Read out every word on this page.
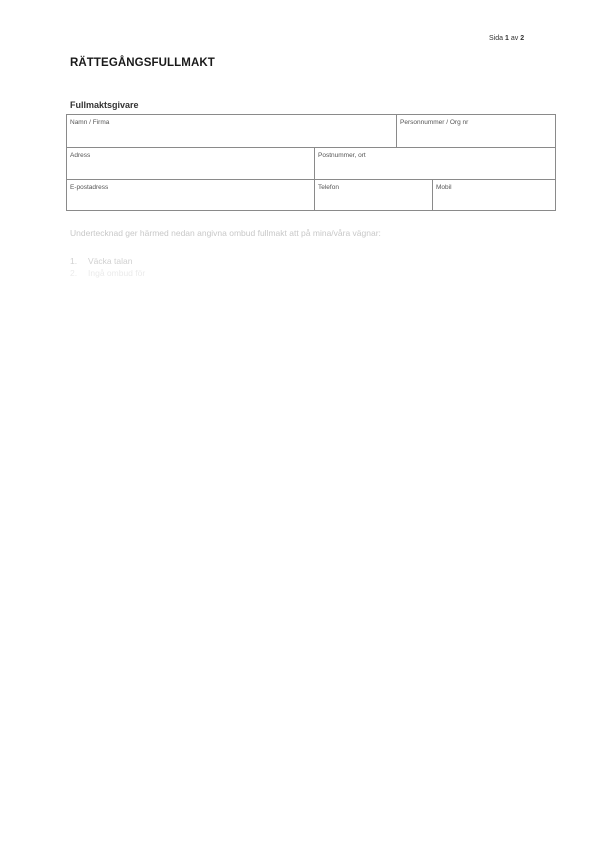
Sida 1 av 2
RÄTTEGÅNGSFULLMAKT
Fullmaktsgivare
Namn / Firma	Personnummer / Org nr
Adress	Postnummer, ort
E-postadress	Telefon	Mobil
Undertecknad ger härmed nedan angivna ombud fullmakt att på mina/våra vägnar:
1. Väcka talan
2. Ingå ombud för
